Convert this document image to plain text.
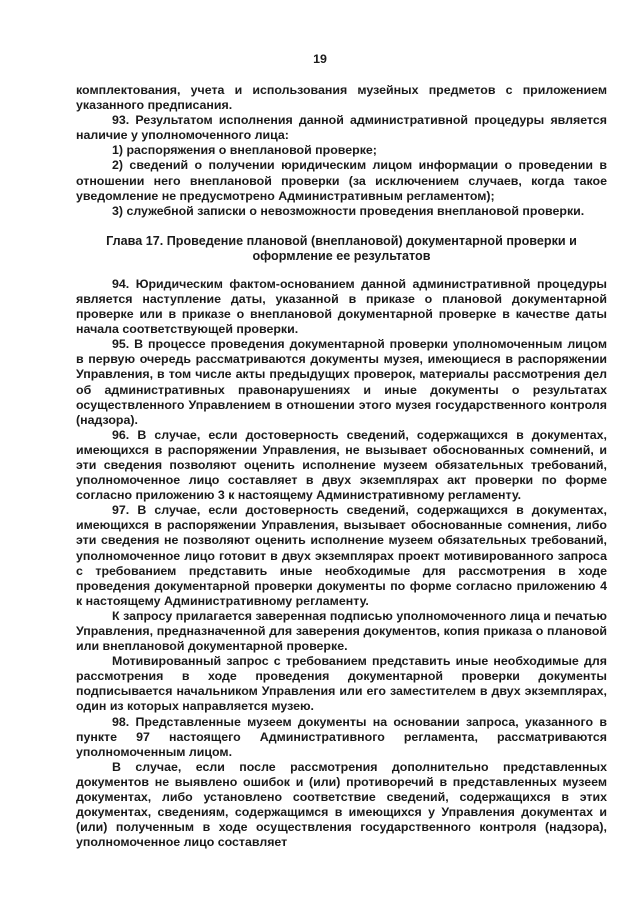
19

комплектования, учета и использования музейных предметов с приложением указанного предписания.

93. Результатом исполнения данной административной процедуры является наличие у уполномоченного лица:

1) распоряжения о внеплановой проверке;

2) сведений о получении юридическим лицом информации о проведении в отношении него внеплановой проверки (за исключением случаев, когда такое уведомление не предусмотрено Административным регламентом);

3) служебной записки о невозможности проведения внеплановой проверки.

Глава 17. Проведение плановой (внеплановой) документарной проверки и оформление ее результатов

94. Юридическим фактом-основанием данной административной процедуры является наступление даты, указанной в приказе о плановой документарной проверке или в приказе о внеплановой документарной проверке в качестве даты начала соответствующей проверки.

95. В процессе проведения документарной проверки уполномоченным лицом в первую очередь рассматриваются документы музея, имеющиеся в распоряжении Управления, в том числе акты предыдущих проверок, материалы рассмотрения дел об административных правонарушениях и иные документы о результатах осуществленного Управлением в отношении этого музея государственного контроля (надзора).

96. В случае, если достоверность сведений, содержащихся в документах, имеющихся в распоряжении Управления, не вызывает обоснованных сомнений, и эти сведения позволяют оценить исполнение музеем обязательных требований, уполномоченное лицо составляет в двух экземплярах акт проверки по форме согласно приложению 3 к настоящему Административному регламенту.

97. В случае, если достоверность сведений, содержащихся в документах, имеющихся в распоряжении Управления, вызывает обоснованные сомнения, либо эти сведения не позволяют оценить исполнение музеем обязательных требований, уполномоченное лицо готовит в двух экземплярах проект мотивированного запроса с требованием представить иные необходимые для рассмотрения в ходе проведения документарной проверки документы по форме согласно приложению 4 к настоящему Административному регламенту.

К запросу прилагается заверенная подписью уполномоченного лица и печатью Управления, предназначенной для заверения документов, копия приказа о плановой или внеплановой документарной проверке.

Мотивированный запрос с требованием представить иные необходимые для рассмотрения в ходе проведения документарной проверки документы подписывается начальником Управления или его заместителем в двух экземплярах, один из которых направляется музею.

98. Представленные музеем документы на основании запроса, указанного в пункте 97 настоящего Административного регламента, рассматриваются уполномоченным лицом.

В случае, если после рассмотрения дополнительно представленных документов не выявлено ошибок и (или) противоречий в представленных музеем документах, либо установлено соответствие сведений, содержащихся в этих документах, сведениям, содержащимся в имеющихся у Управления документах и (или) полученным в ходе осуществления государственного контроля (надзора), уполномоченное лицо составляет
